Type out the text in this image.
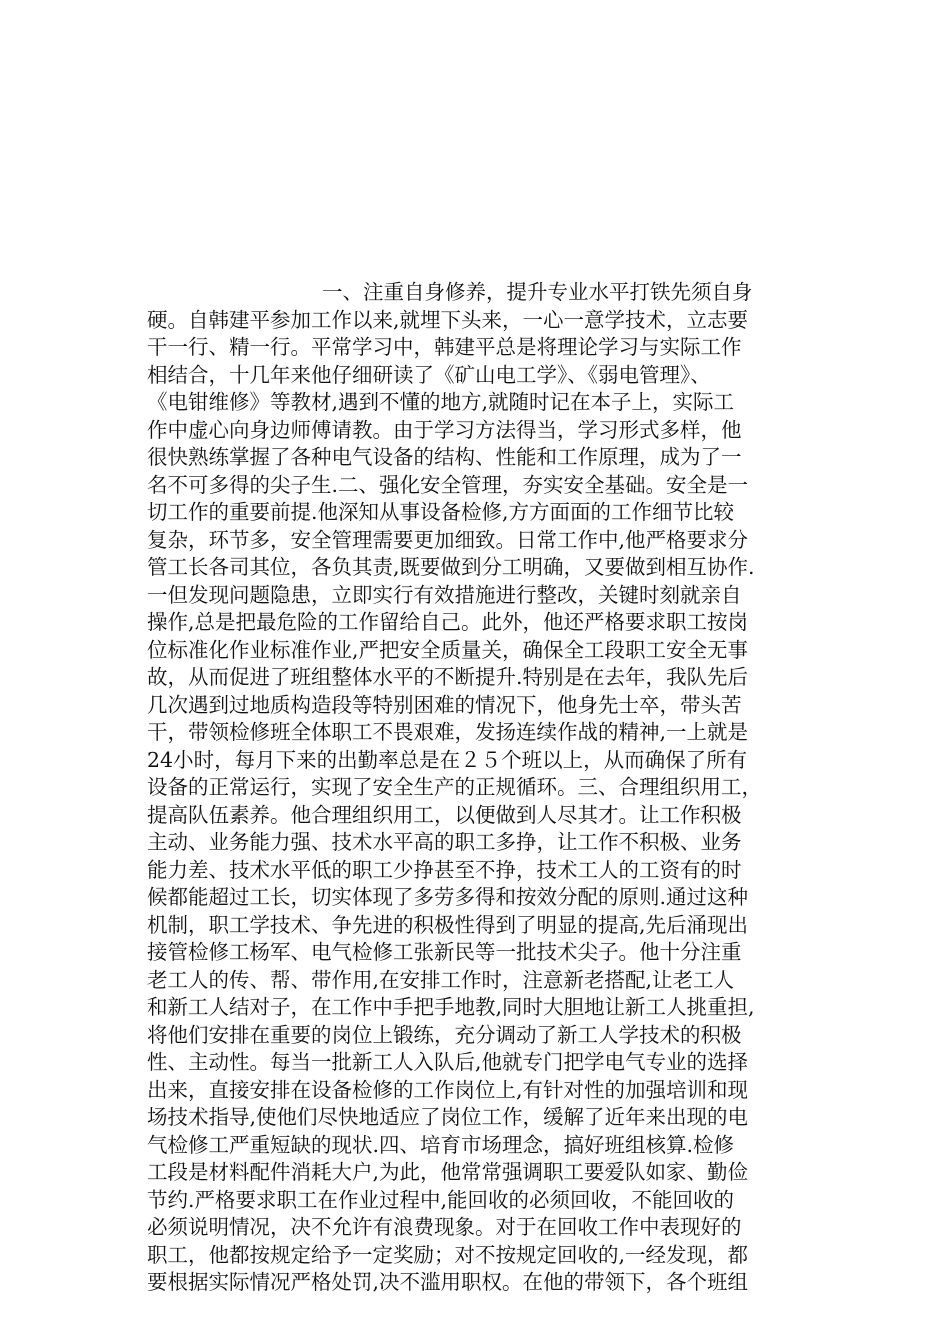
一、注重自身修养，提升专业水平打铁先须自身
硬。自韩建平参加工作以来,就埋下头来，一心一意学技术，立志要
干一行、精一行。平常学习中，韩建平总是将理论学习与实际工作
相结合，十几年来他仔细研读了《矿山电工学》、《弱电管理》、
《电钳维修》等教材,遇到不懂的地方,就随时记在本子上，实际工
作中虚心向身边师傅请教。由于学习方法得当，学习形式多样，他
很快熟练掌握了各种电气设备的结构、性能和工作原理，成为了一
名不可多得的尖子生.二、强化安全管理，夯实安全基础。安全是一
切工作的重要前提.他深知从事设备检修,方方面面的工作细节比较
复杂，环节多，安全管理需要更加细致。日常工作中,他严格要求分
管工长各司其位，各负其责,既要做到分工明确，又要做到相互协作.
一但发现问题隐患，立即实行有效措施进行整改，关键时刻就亲自
操作,总是把最危险的工作留给自己。此外，他还严格要求职工按岗
位标准化作业标准作业,严把安全质量关，确保全工段职工安全无事
故，从而促进了班组整体水平的不断提升.特别是在去年，我队先后
几次遇到过地质构造段等特别困难的情况下，他身先士卒，带头苦
干，带领检修班全体职工不畏艰难，发扬连续作战的精神,一上就是
24小时，每月下来的出勤率总是在２５个班以上，从而确保了所有
设备的正常运行，实现了安全生产的正规循环。三、合理组织用工，
提高队伍素养。他合理组织用工，以便做到人尽其才。让工作积极
主动、业务能力强、技术水平高的职工多挣，让工作不积极、业务
能力差、技术水平低的职工少挣甚至不挣，技术工人的工资有的时
候都能超过工长，切实体现了多劳多得和按效分配的原则.通过这种
机制，职工学技术、争先进的积极性得到了明显的提高,先后涌现出
接管检修工杨军、电气检修工张新民等一批技术尖子。他十分注重
老工人的传、帮、带作用,在安排工作时，注意新老搭配,让老工人
和新工人结对子，在工作中手把手地教,同时大胆地让新工人挑重担,
将他们安排在重要的岗位上锻练，充分调动了新工人学技术的积极
性、主动性。每当一批新工人入队后,他就专门把学电气专业的选择
出来，直接安排在设备检修的工作岗位上,有针对性的加强培训和现
场技术指导,使他们尽快地适应了岗位工作，缓解了近年来出现的电
气检修工严重短缺的现状.四、培育市场理念，搞好班组核算.检修
工段是材料配件消耗大户,为此，他常常强调职工要爱队如家、勤俭
节约.严格要求职工在作业过程中,能回收的必须回收，不能回收的
必须说明情况，决不允许有浪费现象。对于在回收工作中表现好的
职工，他都按规定给予一定奖励；对不按规定回收的,一经发现，都
要根据实际情况严格处罚,决不滥用职权。在他的带领下，各个班组
